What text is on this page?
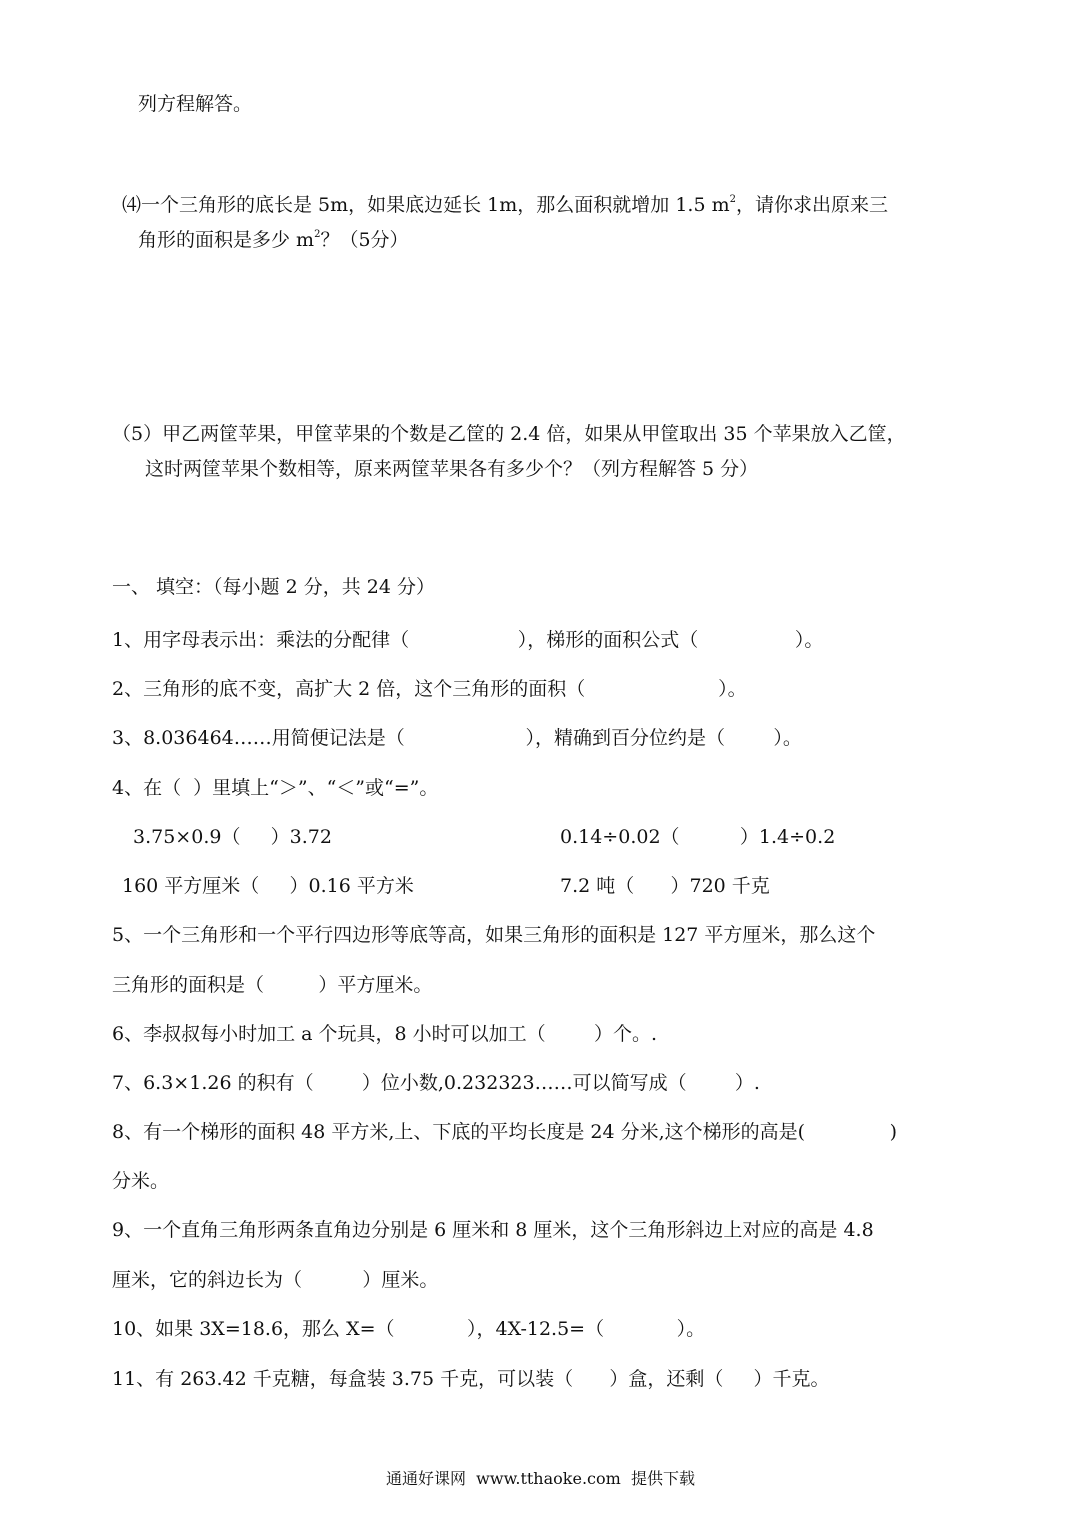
列方程解答。
⑷一个三角形的底长是 5m，如果底边延长 1m，那么面积就增加 1.5 $m^2$，请你求出原来三
角形的面积是多少 $m^2$？（5分）
（5）甲乙两筐苹果，甲筐苹果的个数是乙筐的 2.4 倍，如果从甲筐取出 35 个苹果放入乙筐，
这时两筐苹果个数相等，原来两筐苹果各有多少个？（列方程解答 5 分）
一、 填空：（每小题 2 分，共 24 分）
1、用字母表示出：乘法的分配律（                  ），梯形的面积公式（                ）。
2、三角形的底不变，高扩大 2 倍，这个三角形的面积（                      ）。
3、8.036464……用简便记法是（                    ），精确到百分位约是（        ）。
4、在（  ）里填上“＞”、“＜”或“=”。
3.75×0.9（     ）3.72	0.14÷0.02（          ）1.4÷0.2
160 平方厘米（     ）0.16 平方米	7.2 吨（      ）720 千克
5、一个三角形和一个平行四边形等底等高，如果三角形的面积是 127 平方厘米，那么这个
三角形的面积是（         ）平方厘米。
6、李叔叔每小时加工 a 个玩具，8 小时可以加工（        ）个。.
7、6.3×1.26 的积有（        ）位小数,0.232323……可以简写成（        ）.
8、有一个梯形的面积 48 平方米,上、下底的平均长度是 24 分米,这个梯形的高是(              )
分米。
9、一个直角三角形两条直角边分别是 6 厘米和 8 厘米，这个三角形斜边上对应的高是 4.8
厘米，它的斜边长为（          ）厘米。
10、如果 3X=18.6，那么 X=（            ），4X-12.5=（            ）。
11、有 263.42 千克糖，每盒装 3.75 千克，可以装（      ）盒，还剩（     ）千克。
通通好课网  www.tthaoke.com  提供下载
